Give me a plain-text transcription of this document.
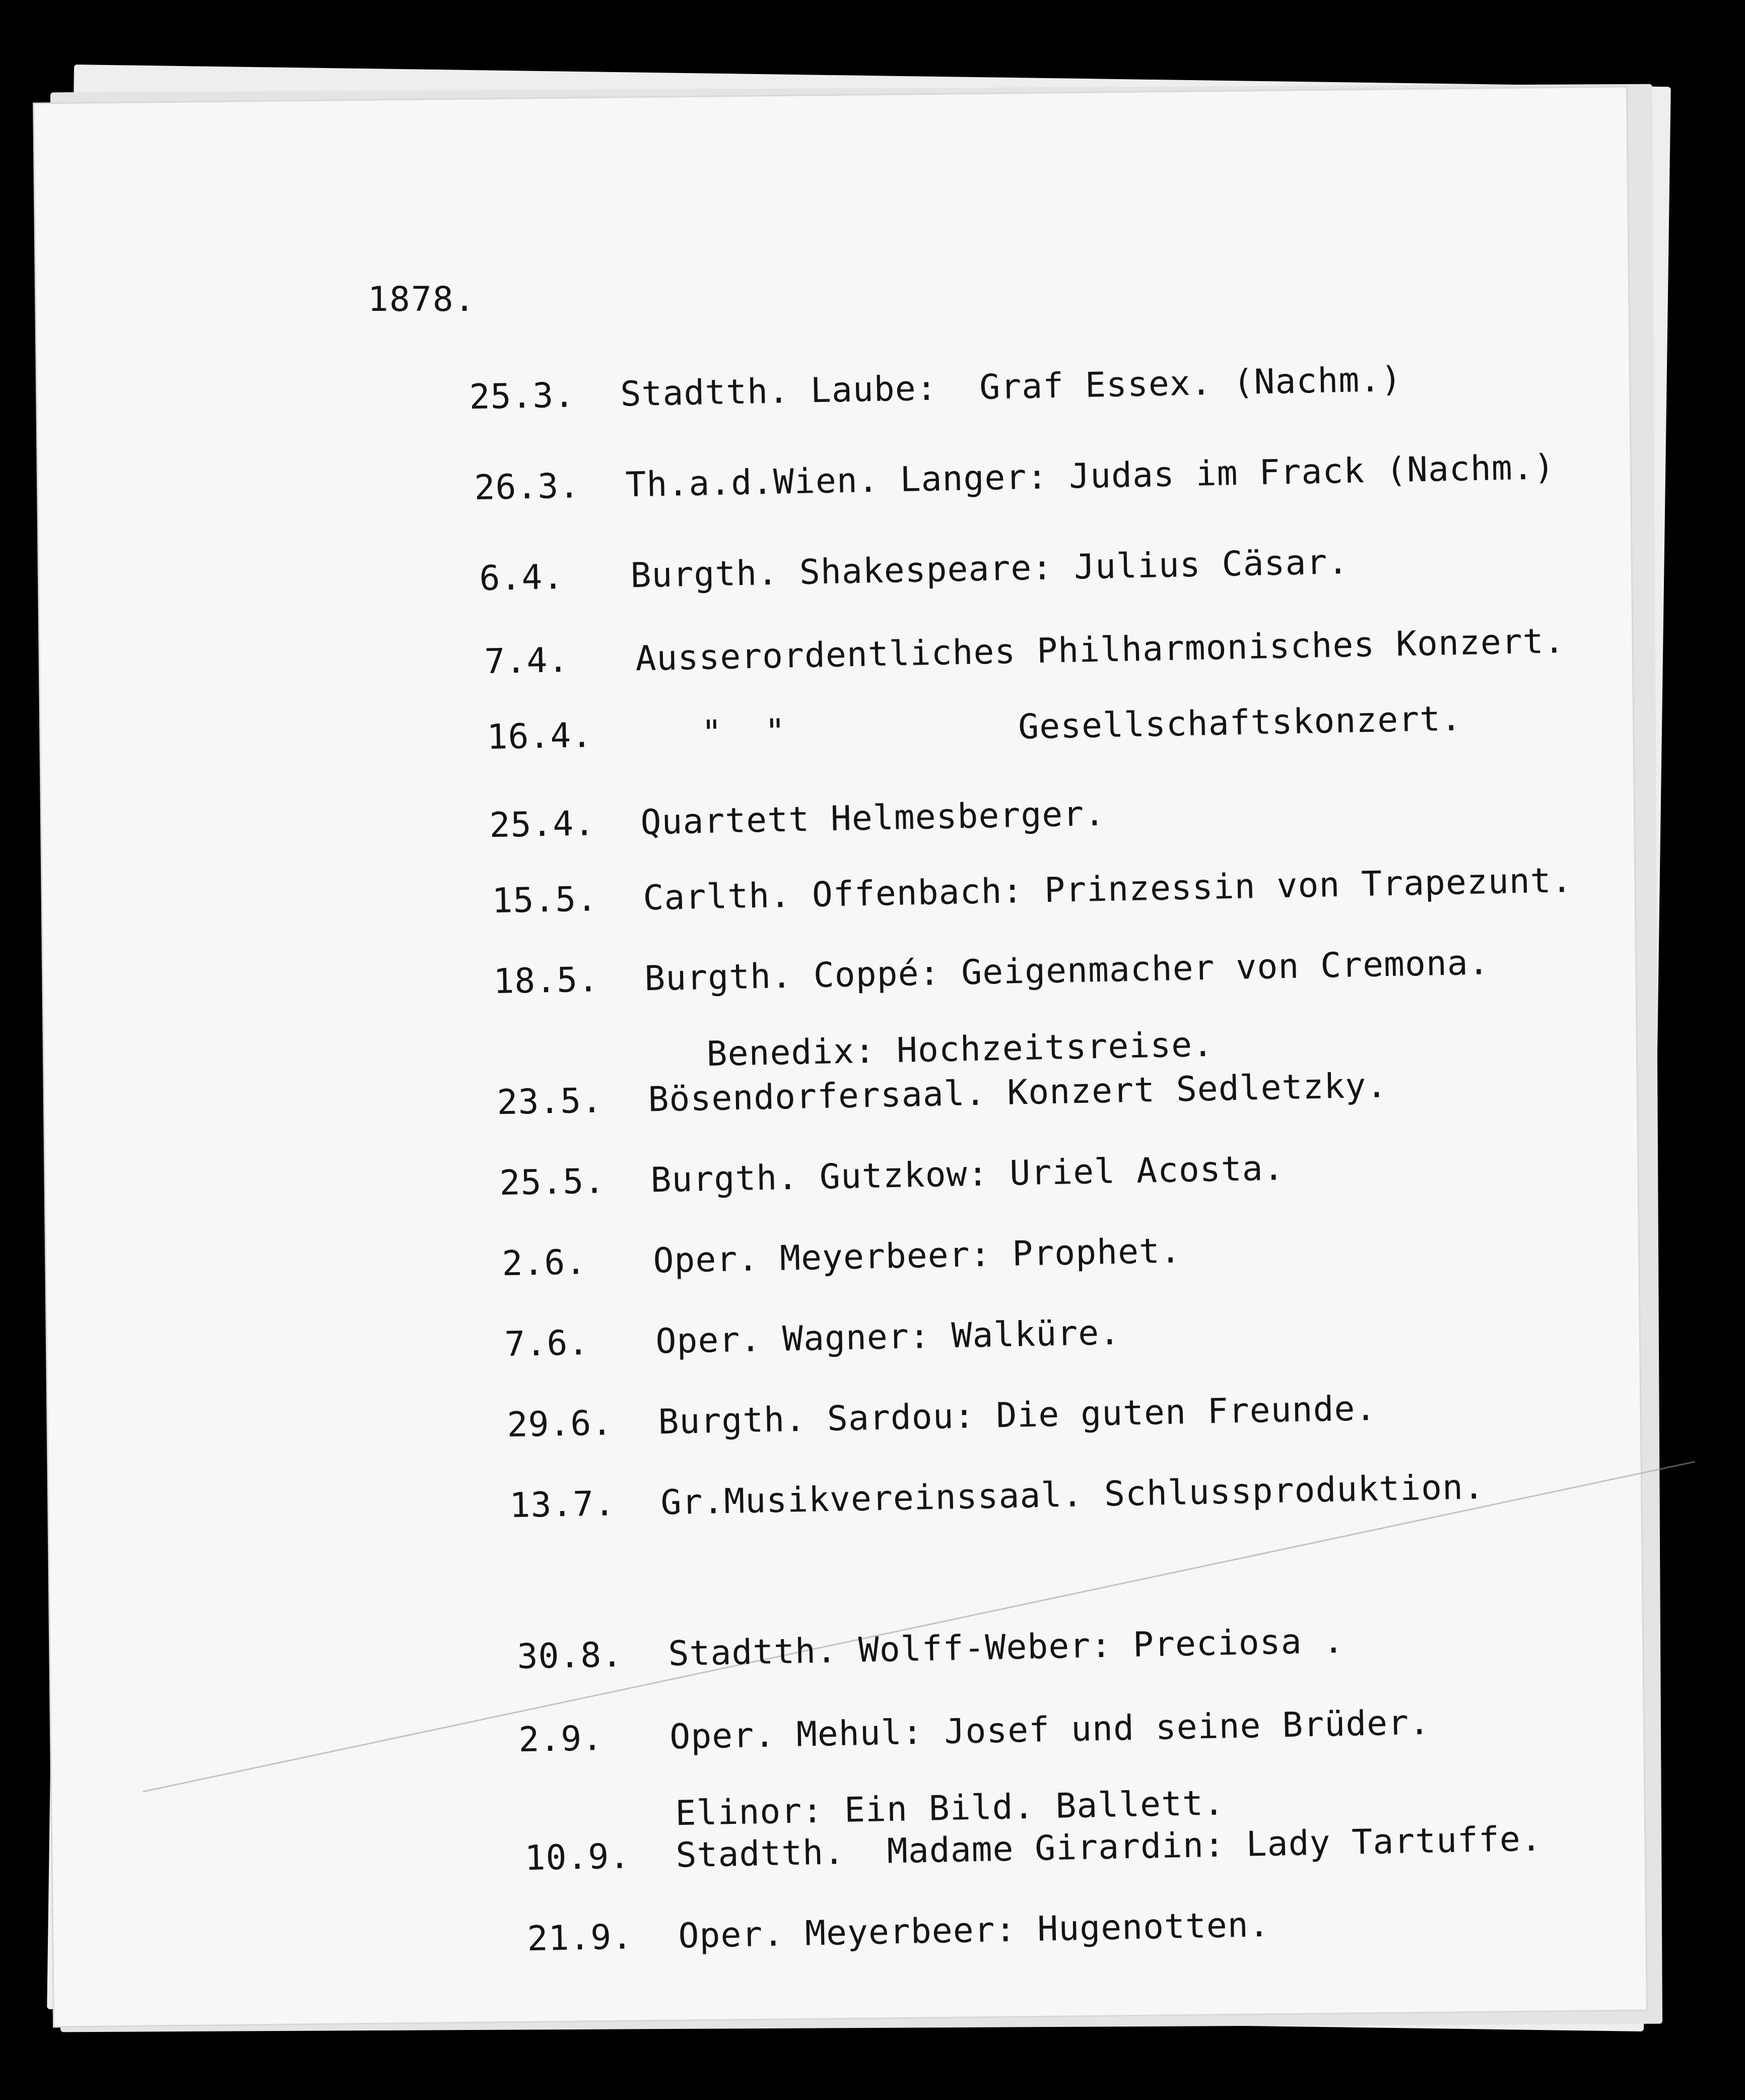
1878.

25.3. Stadtth. Laube:  Graf Essex. (Nachm.)

26.3. Th.a.d.Wien. Langer: Judas im Frack (Nachm.)

6.4. Burgth. Shakespeare: Julius Cäsar.

7.4. Ausserordentliches Philharmonisches Konzert.

16.4.   "  "           Gesellschaftskonzert.

25.4. Quartett Helmesberger.

15.5. Carlth. Offenbach: Prinzessin von Trapezunt.

18.5. Burgth. Coppé: Geigenmacher von Cremona.

Benedix: Hochzeitsreise.

23.5. Bösendorfersaal. Konzert Sedletzky.

25.5. Burgth. Gutzkow: Uriel Acosta.

2.6. Oper. Meyerbeer: Prophet.

7.6. Oper. Wagner: Walküre.

29.6. Burgth. Sardou: Die guten Freunde.

13.7. Gr.Musikvereinssaal. Schlussproduktion.

30.8. Stadtth. Wolff-Weber: Preciosa .

2.9. Oper. Mehul: Josef und seine Brüder.

Elinor: Ein Bild. Ballett.

10.9. Stadtth.  Madame Girardin: Lady Tartuffe.

21.9. Oper. Meyerbeer: Hugenotten.
